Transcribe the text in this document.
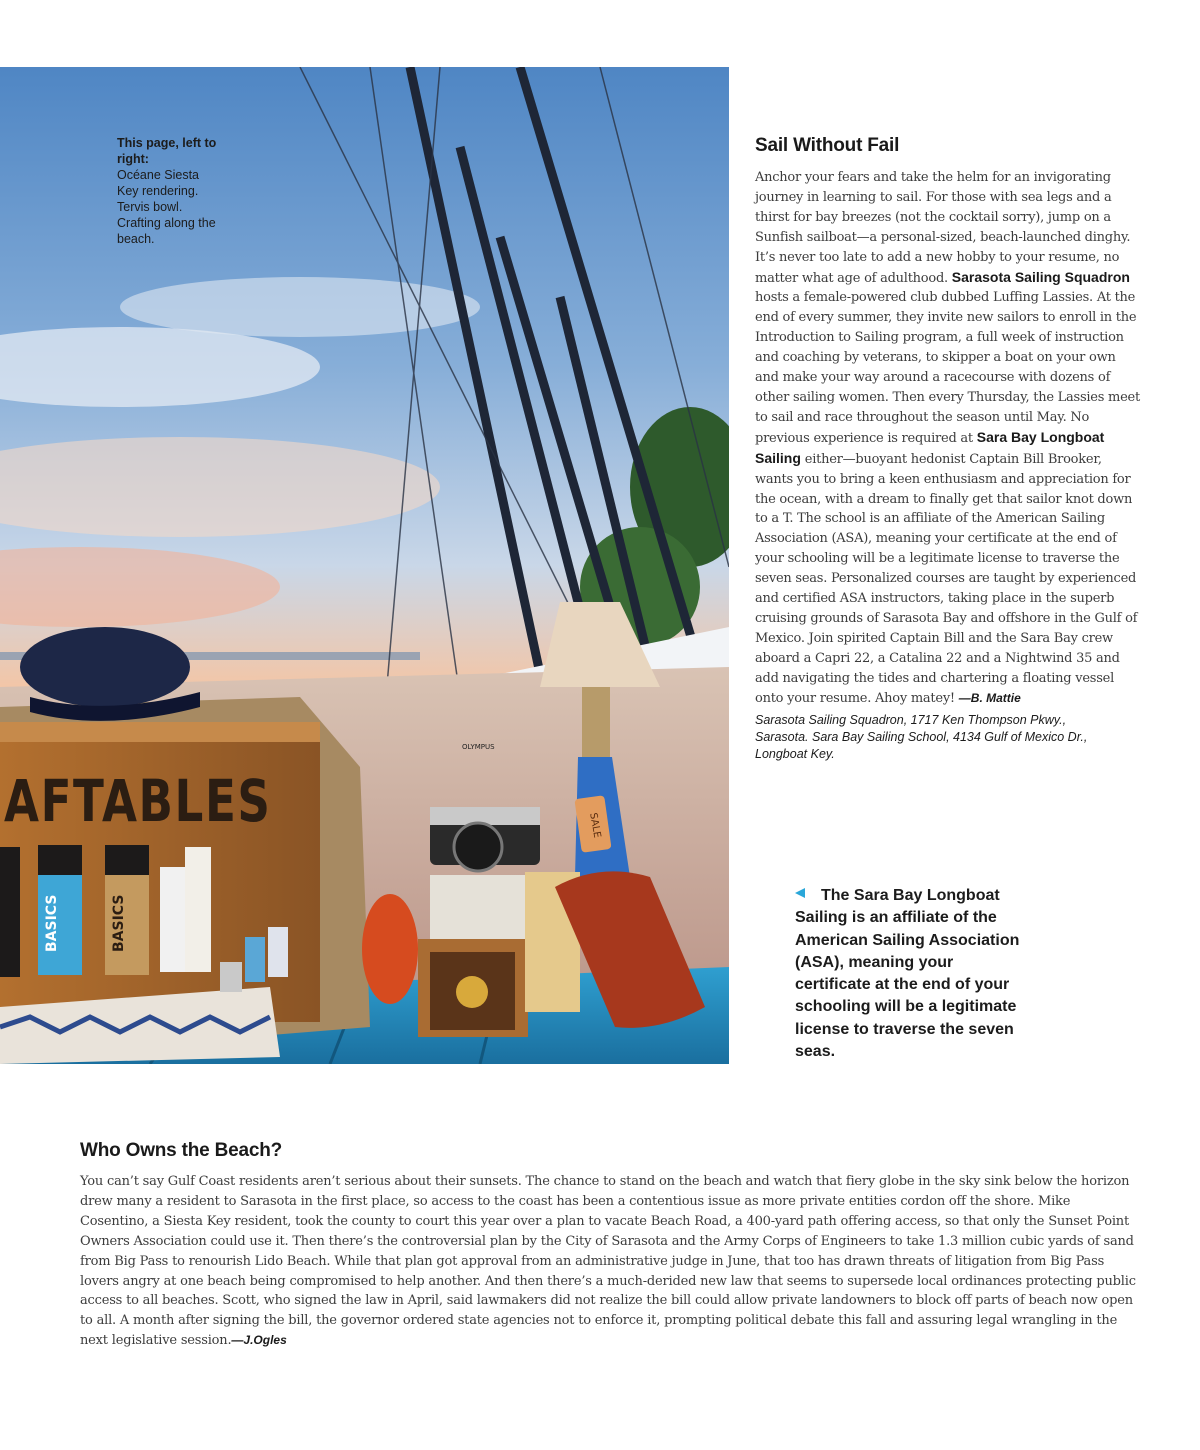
AFTABLES
BASICS	BASICS
SALE
OLYMPUS
This page, left to right:
Océane Siesta Key rendering. Tervis bowl. Crafting along the beach.
Sail Without Fail

Anchor your fears and take the helm for an invigorating journey in learning to sail. For those with sea legs and a thirst for bay breezes (not the cocktail sorry), jump on a Sunfish sailboat—a personal-sized, beach-launched dinghy. It’s never too late to add a new hobby to your resume, no matter what age of adulthood. Sarasota Sailing Squadron hosts a female-powered club dubbed Luffing Lassies. At the end of every summer, they invite new sailors to enroll in the Introduction to Sailing program, a full week of instruction and coaching by veterans, to skipper a boat on your own and make your way around a racecourse with dozens of other sailing women. Then every Thursday, the Lassies meet to sail and race throughout the season until May. No previous experience is required at Sara Bay Longboat Sailing either—buoyant hedonist Captain Bill Brooker, wants you to bring a keen enthusiasm and appreciation for the ocean, with a dream to finally get that sailor knot down to a T. The school is an affiliate of the American Sailing Association (ASA), meaning your certificate at the end of your schooling will be a legitimate license to traverse the seven seas. Personalized courses are taught by experienced and certified ASA instructors, taking place in the superb cruising grounds of Sarasota Bay and offshore in the Gulf of Mexico. Join spirited Captain Bill and the Sara Bay crew aboard a Capri 22, a Catalina 22 and a Nightwind 35 and add navigating the tides and chartering a floating vessel onto your resume. Ahoy matey! —B. Mattie

Sarasota Sailing Squadron, 1717 Ken Thompson Pkwy., Sarasota. Sara Bay Sailing School, 4134 Gulf of Mexico Dr., Longboat Key.

The Sara Bay Longboat Sailing is an affiliate of the American Sailing Association (ASA), meaning your certificate at the end of your schooling will be a legitimate license to traverse the seven seas.
Who Owns the Beach?

You can’t say Gulf Coast residents aren’t serious about their sunsets. The chance to stand on the beach and watch that fiery globe in the sky sink below the horizon drew many a resident to Sarasota in the first place, so access to the coast has been a contentious issue as more private entities cordon off the shore. Mike Cosentino, a Siesta Key resident, took the county to court this year over a plan to vacate Beach Road, a 400-yard path offering access, so that only the Sunset Point Owners Association could use it. Then there’s the controversial plan by the City of Sarasota and the Army Corps of Engineers to take 1.3 million cubic yards of sand from Big Pass to renourish Lido Beach. While that plan got approval from an administrative judge in June, that too has drawn threats of litigation from Big Pass lovers angry at one beach being compromised to help another. And then there’s a much-derided new law that seems to supersede local ordinances protecting public access to all beaches. Scott, who signed the law in April, said lawmakers did not realize the bill could allow private landowners to block off parts of beach now open to all. A month after signing the bill, the governor ordered state agencies not to enforce it, prompting political debate this fall and assuring legal wrangling in the next legislative session.—J.Ogles
